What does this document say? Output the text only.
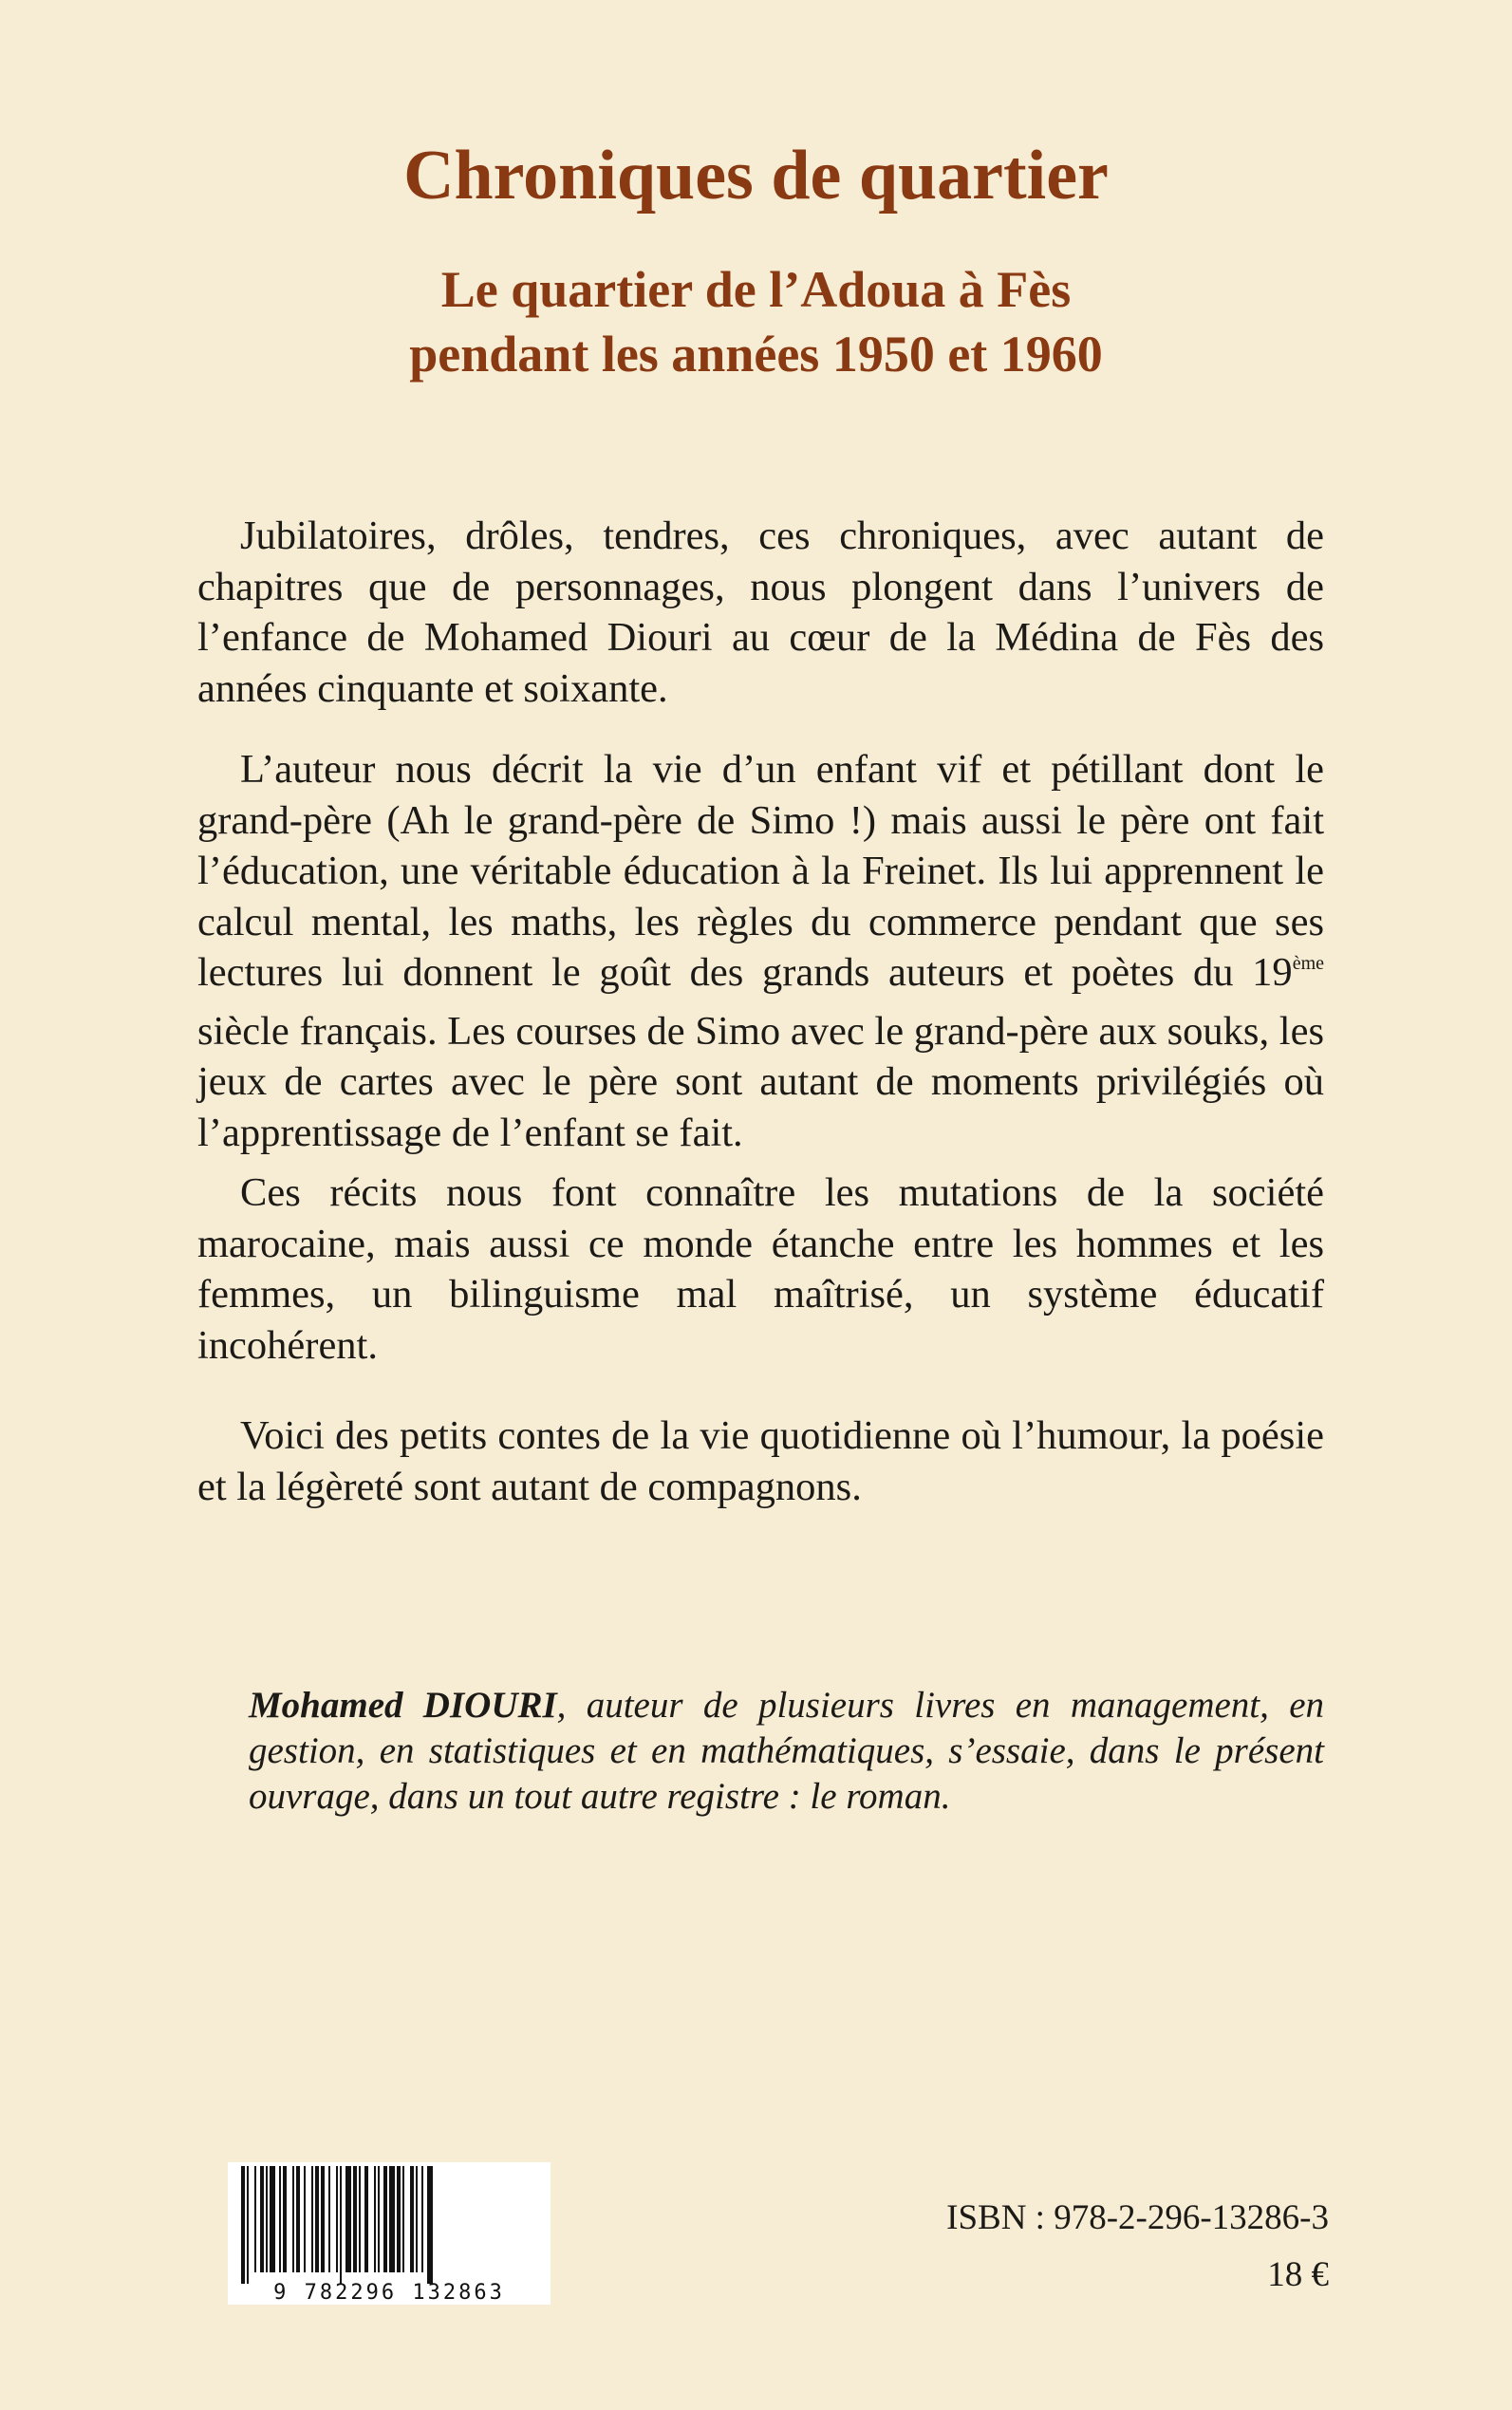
Chroniques de quartier
Le quartier de l’Adoua à Fès
pendant les années 1950 et 1960

Jubilatoires, drôles, tendres, ces chroniques, avec autant de chapitres que de personnages, nous plongent dans l’univers de l’enfance de Mohamed Diouri au cœur de la Médina de Fès des années cinquante et soixante.

L’auteur nous décrit la vie d’un enfant vif et pétillant dont le grand-père (Ah le grand-père de Simo !) mais aussi le père ont fait l’éducation, une véritable éducation à la Freinet. Ils lui apprennent le calcul mental, les maths, les règles du commerce pendant que ses lectures lui donnent le goût des grands auteurs et poètes du 19ème siècle français. Les courses de Simo avec le grand-père aux souks, les jeux de cartes avec le père sont autant de moments privilégiés où l’apprentissage de l’enfant se fait.

Ces récits nous font connaître les mutations de la société marocaine, mais aussi ce monde étanche entre les hommes et les femmes, un bilinguisme mal maîtrisé, un système éducatif incohérent.

Voici des petits contes de la vie quotidienne où l’humour, la poésie et la légèreté sont autant de compagnons.

Mohamed DIOURI, auteur de plusieurs livres en management, en gestion, en statistiques et en mathématiques, s’essaie, dans le présent ouvrage, dans un tout autre registre : le roman.

9 782296 132863

ISBN : 978-2-296-13286-3

18 €
